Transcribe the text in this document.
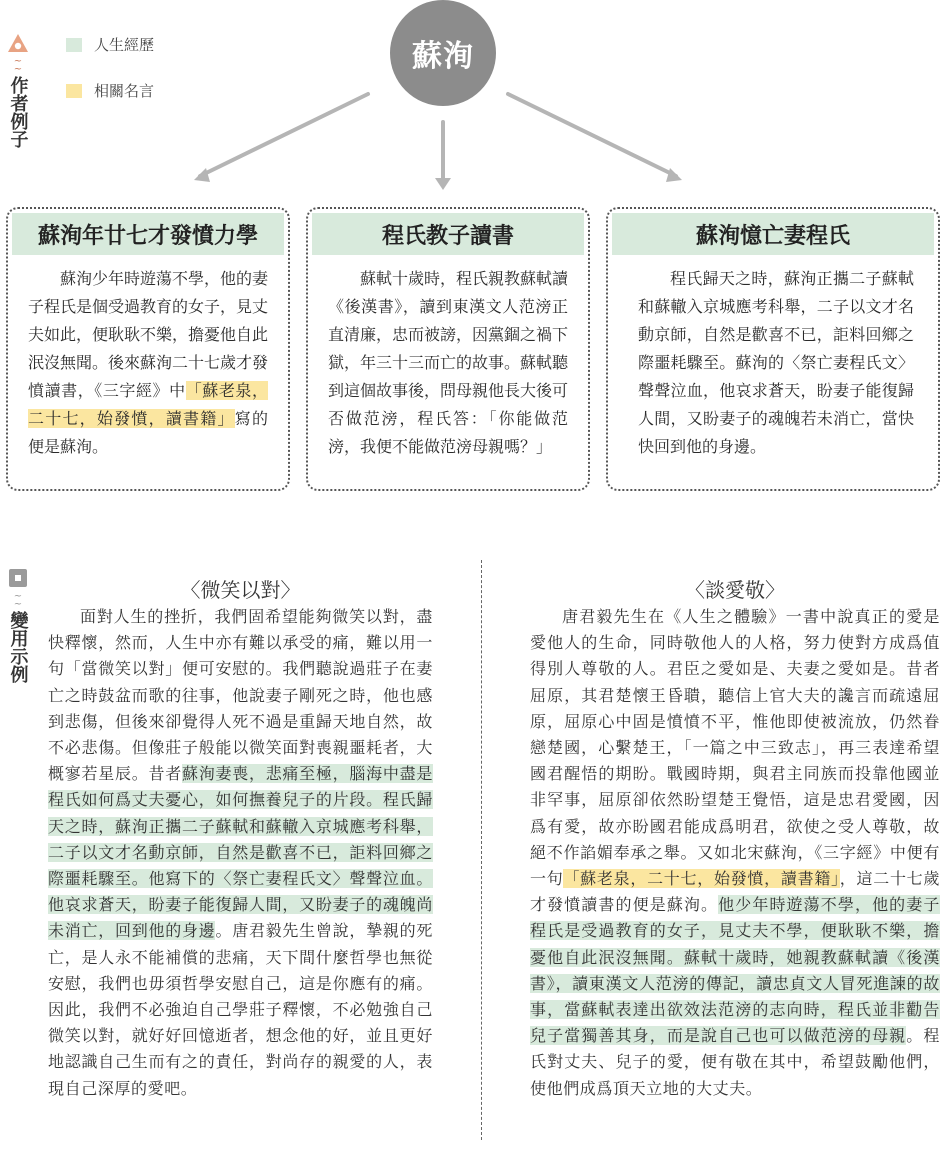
~
~
作者例子
人生經歷
相關名言
蘇洵
蘇洵年廿七才發憤力學

蘇洵少年時遊蕩不學，他的妻子程氏是個受過教育的女子，見丈夫如此，便耿耿不樂，擔憂他自此泯沒無聞。後來蘇洵二十七歲才發憤讀書，《三字經》中「蘇老泉，二十七，始發憤，讀書籍」寫的便是蘇洵。

程氏教子讀書

蘇軾十歲時，程氏親教蘇軾讀《後漢書》，讀到東漢文人范滂正直清廉，忠而被謗，因黨錮之禍下獄，年三十三而亡的故事。蘇軾聽到這個故事後，問母親他長大後可否做范滂，程氏答：「你能做范滂，我便不能做范滂母親嗎？」

蘇洵憶亡妻程氏

程氏歸天之時，蘇洵正攜二子蘇軾和蘇轍入京城應考科舉，二子以文才名動京師，自然是歡喜不已，詎料回鄉之際噩耗驟至。蘇洵的〈祭亡妻程氏文〉聲聲泣血，他哀求蒼天，盼妻子能復歸人間，又盼妻子的魂魄若未消亡，當快快回到他的身邊。

~
~
變用示例
〈微笑以對〉

面對人生的挫折，我們固希望能夠微笑以對，盡快釋懷，然而，人生中亦有難以承受的痛，難以用一句「當微笑以對」便可安慰的。我們聽說過莊子在妻亡之時鼓盆而歌的往事，他說妻子剛死之時，他也感到悲傷，但後來卻覺得人死不過是重歸天地自然，故不必悲傷。但像莊子般能以微笑面對喪親噩耗者，大概寥若星辰。昔者蘇洵妻喪，悲痛至極，腦海中盡是程氏如何爲丈夫憂心，如何撫養兒子的片段。程氏歸天之時，蘇洵正攜二子蘇軾和蘇轍入京城應考科舉，二子以文才名動京師，自然是歡喜不已，詎料回鄉之際噩耗驟至。他寫下的〈祭亡妻程氏文〉聲聲泣血。他哀求蒼天，盼妻子能復歸人間，又盼妻子的魂魄尚未消亡，回到他的身邊。唐君毅先生曾說，摯親的死亡，是人永不能補償的悲痛，天下間什麼哲學也無從安慰，我們也毋須哲學安慰自己，這是你應有的痛。因此，我們不必強迫自己學莊子釋懷，不必勉強自己微笑以對，就好好回憶逝者，想念他的好，並且更好地認識自己生而有之的責任，對尚存的親愛的人，表現自己深厚的愛吧。

〈談愛敬〉

唐君毅先生在《人生之體驗》一書中說真正的愛是愛他人的生命，同時敬他人的人格，努力使對方成爲值得別人尊敬的人。君臣之愛如是、夫妻之愛如是。昔者屈原，其君楚懷王昏聵，聽信上官大夫的讒言而疏遠屈原，屈原心中固是憤憤不平，惟他即使被流放，仍然眷戀楚國，心繫楚王，「一篇之中三致志」，再三表達希望國君醒悟的期盼。戰國時期，與君主同族而投靠他國並非罕事，屈原卻依然盼望楚王覺悟，這是忠君愛國，因爲有愛，故亦盼國君能成爲明君，欲使之受人尊敬，故絕不作諂媚奉承之舉。又如北宋蘇洵，《三字經》中便有一句「蘇老泉，二十七，始發憤，讀書籍」，這二十七歲才發憤讀書的便是蘇洵。他少年時遊蕩不學，他的妻子程氏是受過教育的女子，見丈夫不學，便耿耿不樂，擔憂他自此泯沒無聞。蘇軾十歲時，她親教蘇軾讀《後漢書》，讀東漢文人范滂的傳記，讀忠貞文人冒死進諫的故事，當蘇軾表達出欲效法范滂的志向時，程氏並非勸告兒子當獨善其身，而是說自己也可以做范滂的母親。程氏對丈夫、兒子的愛，便有敬在其中，希望鼓勵他們，使他們成爲頂天立地的大丈夫。
